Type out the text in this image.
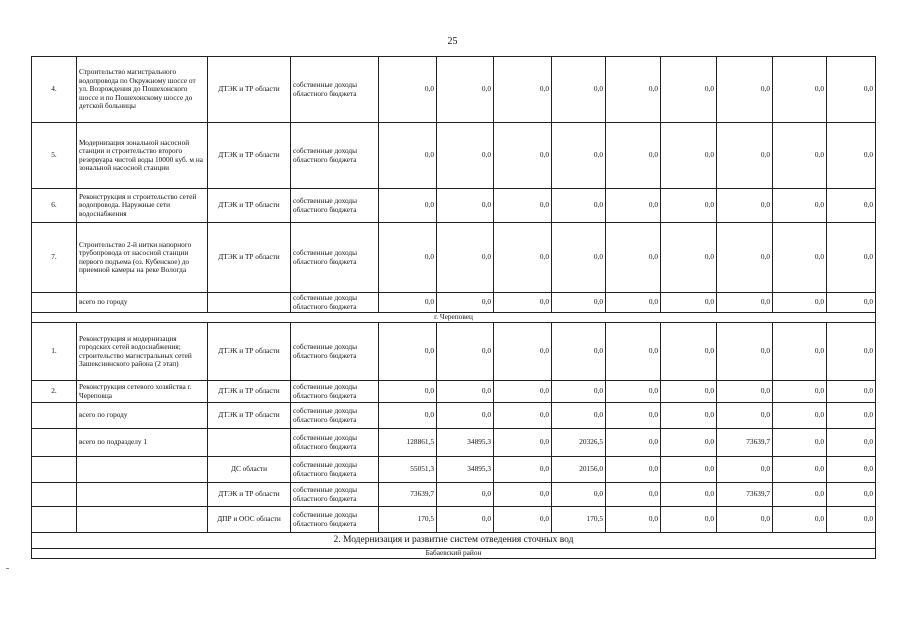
25
4.	Строительство магистрального водопровода по Окружному шоссе от ул. Возрождения до Пошехонского шоссе и по Пошехонскому шоссе до детской больницы	ДТЭК и ТР области	собственные доходы областного бюджета	0,0	0,0	0,0	0,0	0,0	0,0	0,0	0,0	0,0
5.	Модернизация зональной насосной станции и строительство второго резервуара чистой воды 10000 куб. м на зональной насосной станции	ДТЭК и ТР области	собственные доходы областного бюджета	0,0	0,0	0,0	0,0	0,0	0,0	0,0	0,0	0,0
6.	Реконструкция и строительство сетей водопровода. Наружные сети водоснабжения	ДТЭК и ТР области	собственные доходы областного бюджета	0,0	0,0	0,0	0,0	0,0	0,0	0,0	0,0	0,0
7.	Строительство 2-й нитки напорного трубопровода от насосной станции первого подъема (оз. Кубенское) до приемной камеры на реке Вологда	ДТЭК и ТР области	собственные доходы областного бюджета	0,0	0,0	0,0	0,0	0,0	0,0	0,0	0,0	0,0
	всего по городу		собственные доходы областного бюджета	0,0	0,0	0,0	0,0	0,0	0,0	0,0	0,0	0,0
г. Череповец												
1.	Реконструкция и модернизация городских сетей водоснабжения; строительство магистральных сетей Зашекснинского района (2 этап)	ДТЭК и ТР области	собственные доходы областного бюджета	0,0	0,0	0,0	0,0	0,0	0,0	0,0	0,0	0,0
2.	Реконструкция сетевого хозяйства г. Череповца	ДТЭК и ТР области	собственные доходы областного бюджета	0,0	0,0	0,0	0,0	0,0	0,0	0,0	0,0	0,0
	всего по городу	ДТЭК и ТР области	собственные доходы областного бюджета	0,0	0,0	0,0	0,0	0,0	0,0	0,0	0,0	0,0
	всего по подразделу 1		собственные доходы областного бюджета	128861,5	34895,3	0,0	20326,5	0,0	0,0	73639,7	0,0	0,0
		ДС области	собственные доходы областного бюджета	55051,3	34895,3	0,0	20156,0	0,0	0,0	0,0	0,0	0,0
		ДТЭК и ТР области	собственные доходы областного бюджета	73639,7	0,0	0,0	0,0	0,0	0,0	73639,7	0,0	0,0
		ДПР и ООС области	собственные доходы областного бюджета	170,5	0,0	0,0	170,5	0,0	0,0	0,0	0,0	0,0
2. Модернизация и развитие систем отведения сточных вод												
Бабаевский район												
